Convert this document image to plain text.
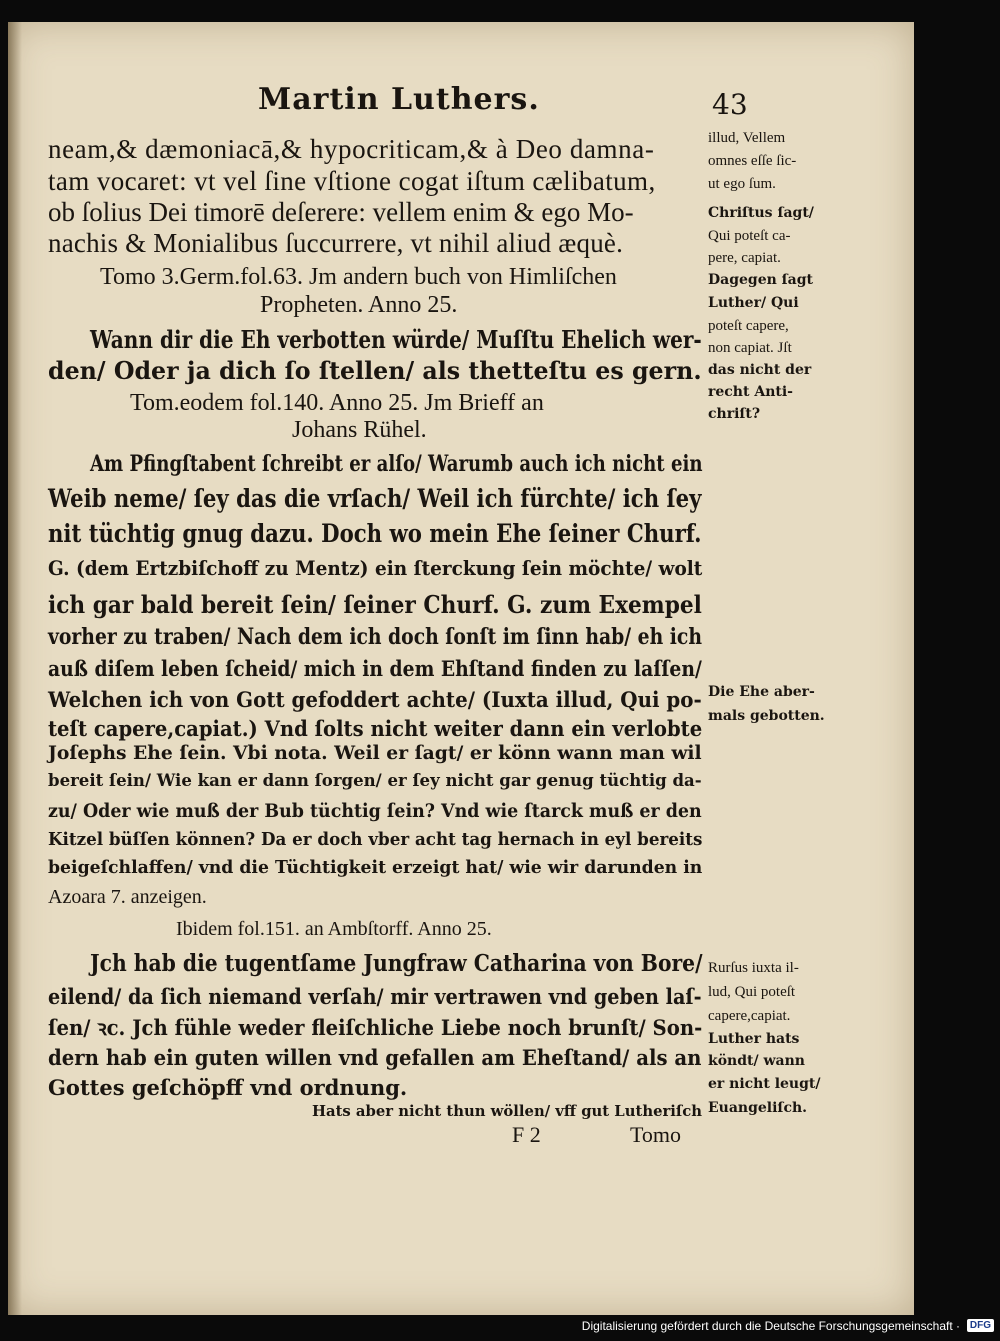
Martin Luthers.	43
neam,& dæmoniacā,& hypocriticam,& à Deo damna-
tam vocaret: vt vel ſine vſtione cogat iſtum cælibatum,
ob ſolius Dei timorē deſerere: vellem enim & ego Mo-
nachis & Monialibus ſuccurrere, vt nihil aliud æquè.
Tomo 3.Germ.fol.63. Jm andern buch von Himliſchen
Propheten. Anno 25.
Wann dir die Eh verbotten würde/ Muſſtu Ehelich wer-
den/ Oder ja dich ſo ſtellen/ als thetteſtu es gern.
Tom.eodem fol.140. Anno 25. Jm Brieff an
Johans Rühel.
Am Pfingſtabent ſchreibt er alſo/ Warumb auch ich nicht ein
Weib neme/ ſey das die vrſach/ Weil ich fürchte/ ich ſey
nit tüchtig gnug dazu. Doch wo mein Ehe ſeiner Churf.
G. (dem Ertzbiſchoff zu Mentz) ein ſterckung ſein möchte/ wolt
ich gar bald bereit ſein/ ſeiner Churf. G. zum Exempel
vorher zu traben/ Nach dem ich doch ſonſt im ſinn hab/ eh ich
auß diſem leben ſcheid/ mich in dem Ehſtand finden zu laſſen/
Welchen ich von Gott gefoddert achte/ (Iuxta illud, Qui po-
teſt capere,capiat.) Vnd ſolts nicht weiter dann ein verlobte
Joſephs Ehe ſein. Vbi nota. Weil er ſagt/ er könn wann man wil
bereit ſein/ Wie kan er dann ſorgen/ er ſey nicht gar genug tüchtig da-
zu/ Oder wie muß der Bub tüchtig ſein? Vnd wie ſtarck muß er den
Kitzel büſſen können? Da er doch vber acht tag hernach in eyl bereits
beigeſchlaffen/ vnd die Tüchtigkeit erzeigt hat/ wie wir darunden in
Azoara 7. anzeigen.
Ibidem fol.151. an Ambſtorff. Anno 25.
Jch hab die tugentſame Jungfraw Catharina von Bore/
eilend/ da ſich niemand verſah/ mir vertrawen vnd geben laſ-
ſen/ ꝛc. Jch fühle weder fleiſchliche Liebe noch brunſt/ Son-
dern hab ein guten willen vnd gefallen am Eheſtand/ als an
Gottes geſchöpff vnd ordnung.
Hats aber nicht thun wöllen/ vff gut Lutheriſch
F 2	Tomo
illud, Vellem
omnes eſſe ſic-
ut ego ſum.
Chriſtus ſagt/
Qui poteſt ca-
pere, capiat.
Dagegen ſagt
Luther/ Qui
poteſt capere,
non capiat. Jſt
das nicht der
recht Anti-
chriſt?
Die Ehe aber-
mals gebotten.
Rurſus iuxta il-
lud, Qui poteſt
capere,capiat.
Luther hats
köndt/ wann
er nicht leugt/
Euangeliſch.
Digitalisierung gefördert durch die Deutsche Forschungsgemeinschaft · DFG
